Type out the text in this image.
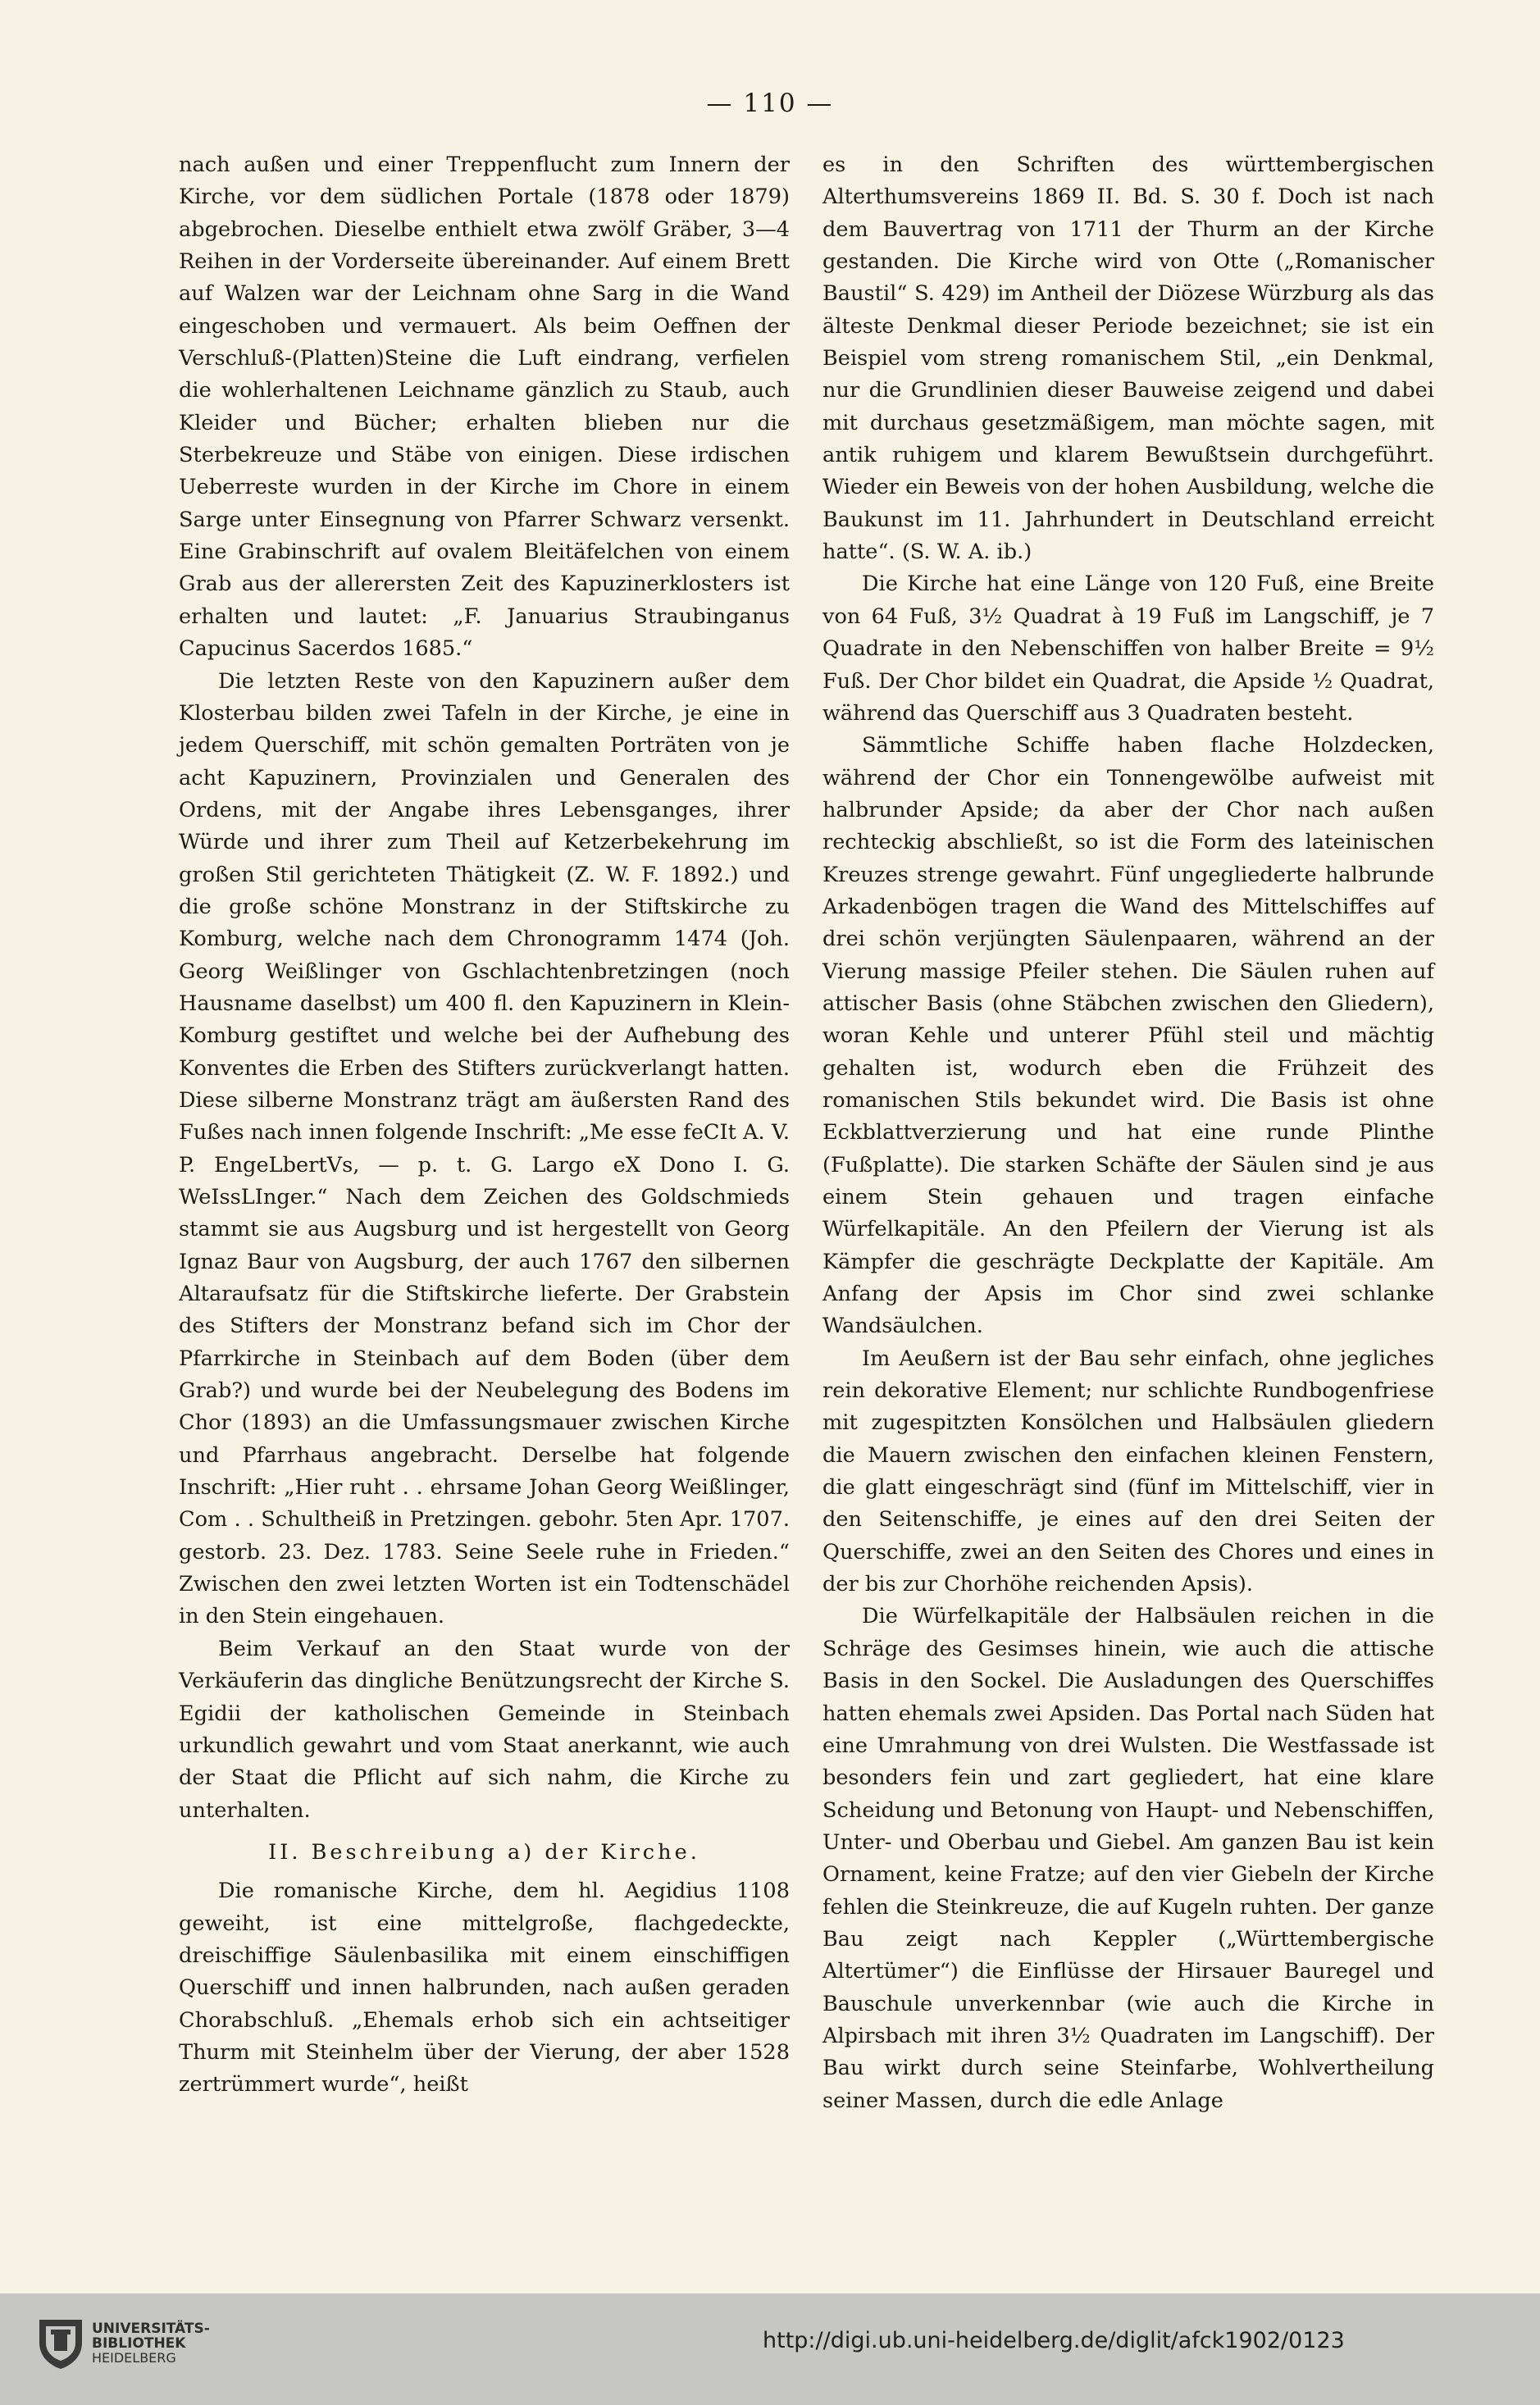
— 110 —

nach außen und einer Treppenflucht zum Innern der Kirche, vor dem südlichen Portale (1878 oder 1879) abgebrochen. Dieselbe enthielt etwa zwölf Gräber, 3—4 Reihen in der Vorderseite übereinander. Auf einem Brett auf Walzen war der Leichnam ohne Sarg in die Wand eingeschoben und vermauert. Als beim Oeffnen der Verschluß-(Platten)Steine die Luft eindrang, verfielen die wohlerhaltenen Leichname gänzlich zu Staub, auch Kleider und Bücher; erhalten blieben nur die Sterbekreuze und Stäbe von einigen. Diese irdischen Ueberreste wurden in der Kirche im Chore in einem Sarge unter Einsegnung von Pfarrer Schwarz versenkt. Eine Grabinschrift auf ovalem Bleitäfelchen von einem Grab aus der allerersten Zeit des Kapuzinerklosters ist erhalten und lautet: „F. Januarius Straubinganus Capucinus Sacerdos 1685.“

Die letzten Reste von den Kapuzinern außer dem Klosterbau bilden zwei Tafeln in der Kirche, je eine in jedem Querschiff, mit schön gemalten Porträten von je acht Kapuzinern, Provinzialen und Generalen des Ordens, mit der Angabe ihres Lebensganges, ihrer Würde und ihrer zum Theil auf Ketzerbekehrung im großen Stil gerichteten Thätigkeit (Z. W. F. 1892.) und die große schöne Monstranz in der Stiftskirche zu Komburg, welche nach dem Chronogramm 1474 (Joh. Georg Weißlinger von Gschlachtenbretzingen (noch Hausname daselbst) um 400 fl. den Kapuzinern in Klein-Komburg gestiftet und welche bei der Aufhebung des Konventes die Erben des Stifters zurückverlangt hatten. Diese silberne Monstranz trägt am äußersten Rand des Fußes nach innen folgende Inschrift: „Me esse feCIt A. V. P. EngeLbertVs, — p. t. G. Largo eX Dono I. G. WeIssLInger.“ Nach dem Zeichen des Goldschmieds stammt sie aus Augsburg und ist hergestellt von Georg Ignaz Baur von Augsburg, der auch 1767 den silbernen Altaraufsatz für die Stiftskirche lieferte. Der Grabstein des Stifters der Monstranz befand sich im Chor der Pfarrkirche in Steinbach auf dem Boden (über dem Grab?) und wurde bei der Neubelegung des Bodens im Chor (1893) an die Umfassungsmauer zwischen Kirche und Pfarrhaus angebracht. Derselbe hat folgende Inschrift: „Hier ruht . . ehrsame Johan Georg Weißlinger, Com . . Schultheiß in Pretzingen. gebohr. 5ten Apr. 1707. gestorb. 23. Dez. 1783. Seine Seele ruhe in Frieden.“ Zwischen den zwei letzten Worten ist ein Todtenschädel in den Stein eingehauen.

Beim Verkauf an den Staat wurde von der Verkäuferin das dingliche Benützungsrecht der Kirche S. Egidii der katholischen Gemeinde in Steinbach urkundlich gewahrt und vom Staat anerkannt, wie auch der Staat die Pflicht auf sich nahm, die Kirche zu unterhalten.

II. Beschreibung a) der Kirche.

Die romanische Kirche, dem hl. Aegidius 1108 geweiht, ist eine mittelgroße, flachgedeckte, dreischiffige Säulenbasilika mit einem einschiffigen Querschiff und innen halbrunden, nach außen geraden Chorabschluß. „Ehemals erhob sich ein achtseitiger Thurm mit Steinhelm über der Vierung, der aber 1528 zertrümmert wurde“, heißt

es in den Schriften des württembergischen Alterthumsvereins 1869 II. Bd. S. 30 f. Doch ist nach dem Bauvertrag von 1711 der Thurm an der Kirche gestanden. Die Kirche wird von Otte („Romanischer Baustil“ S. 429) im Antheil der Diözese Würzburg als das älteste Denkmal dieser Periode bezeichnet; sie ist ein Beispiel vom streng romanischem Stil, „ein Denkmal, nur die Grundlinien dieser Bauweise zeigend und dabei mit durchaus gesetzmäßigem, man möchte sagen, mit antik ruhigem und klarem Bewußtsein durchgeführt. Wieder ein Beweis von der hohen Ausbildung, welche die Baukunst im 11. Jahrhundert in Deutschland erreicht hatte“. (S. W. A. ib.)

Die Kirche hat eine Länge von 120 Fuß, eine Breite von 64 Fuß, 3½ Quadrat à 19 Fuß im Langschiff, je 7 Quadrate in den Nebenschiffen von halber Breite = 9½ Fuß. Der Chor bildet ein Quadrat, die Apside ½ Quadrat, während das Querschiff aus 3 Quadraten besteht.

Sämmtliche Schiffe haben flache Holzdecken, während der Chor ein Tonnengewölbe aufweist mit halbrunder Apside; da aber der Chor nach außen rechteckig abschließt, so ist die Form des lateinischen Kreuzes strenge gewahrt. Fünf ungegliederte halbrunde Arkadenbögen tragen die Wand des Mittelschiffes auf drei schön verjüngten Säulenpaaren, während an der Vierung massige Pfeiler stehen. Die Säulen ruhen auf attischer Basis (ohne Stäbchen zwischen den Gliedern), woran Kehle und unterer Pfühl steil und mächtig gehalten ist, wodurch eben die Frühzeit des romanischen Stils bekundet wird. Die Basis ist ohne Eckblattverzierung und hat eine runde Plinthe (Fußplatte). Die starken Schäfte der Säulen sind je aus einem Stein gehauen und tragen einfache Würfelkapitäle. An den Pfeilern der Vierung ist als Kämpfer die geschrägte Deckplatte der Kapitäle. Am Anfang der Apsis im Chor sind zwei schlanke Wandsäulchen.

Im Aeußern ist der Bau sehr einfach, ohne jegliches rein dekorative Element; nur schlichte Rundbogenfriese mit zugespitzten Konsölchen und Halbsäulen gliedern die Mauern zwischen den einfachen kleinen Fenstern, die glatt eingeschrägt sind (fünf im Mittelschiff, vier in den Seitenschiffe, je eines auf den drei Seiten der Querschiffe, zwei an den Seiten des Chores und eines in der bis zur Chorhöhe reichenden Apsis).

Die Würfelkapitäle der Halbsäulen reichen in die Schräge des Gesimses hinein, wie auch die attische Basis in den Sockel. Die Ausladungen des Querschiffes hatten ehemals zwei Apsiden. Das Portal nach Süden hat eine Umrahmung von drei Wulsten. Die Westfassade ist besonders fein und zart gegliedert, hat eine klare Scheidung und Betonung von Haupt- und Nebenschiffen, Unter- und Oberbau und Giebel. Am ganzen Bau ist kein Ornament, keine Fratze; auf den vier Giebeln der Kirche fehlen die Steinkreuze, die auf Kugeln ruhten. Der ganze Bau zeigt nach Keppler („Württembergische Altertümer“) die Einflüsse der Hirsauer Bauregel und Bauschule unverkennbar (wie auch die Kirche in Alpirsbach mit ihren 3½ Quadraten im Langschiff). Der Bau wirkt durch seine Steinfarbe, Wohlvertheilung seiner Massen, durch die edle Anlage

UNIVERSITÄTS-
BIBLIOTHEK
HEIDELBERG
http://digi.ub.uni-heidelberg.de/diglit/afck1902/0123
